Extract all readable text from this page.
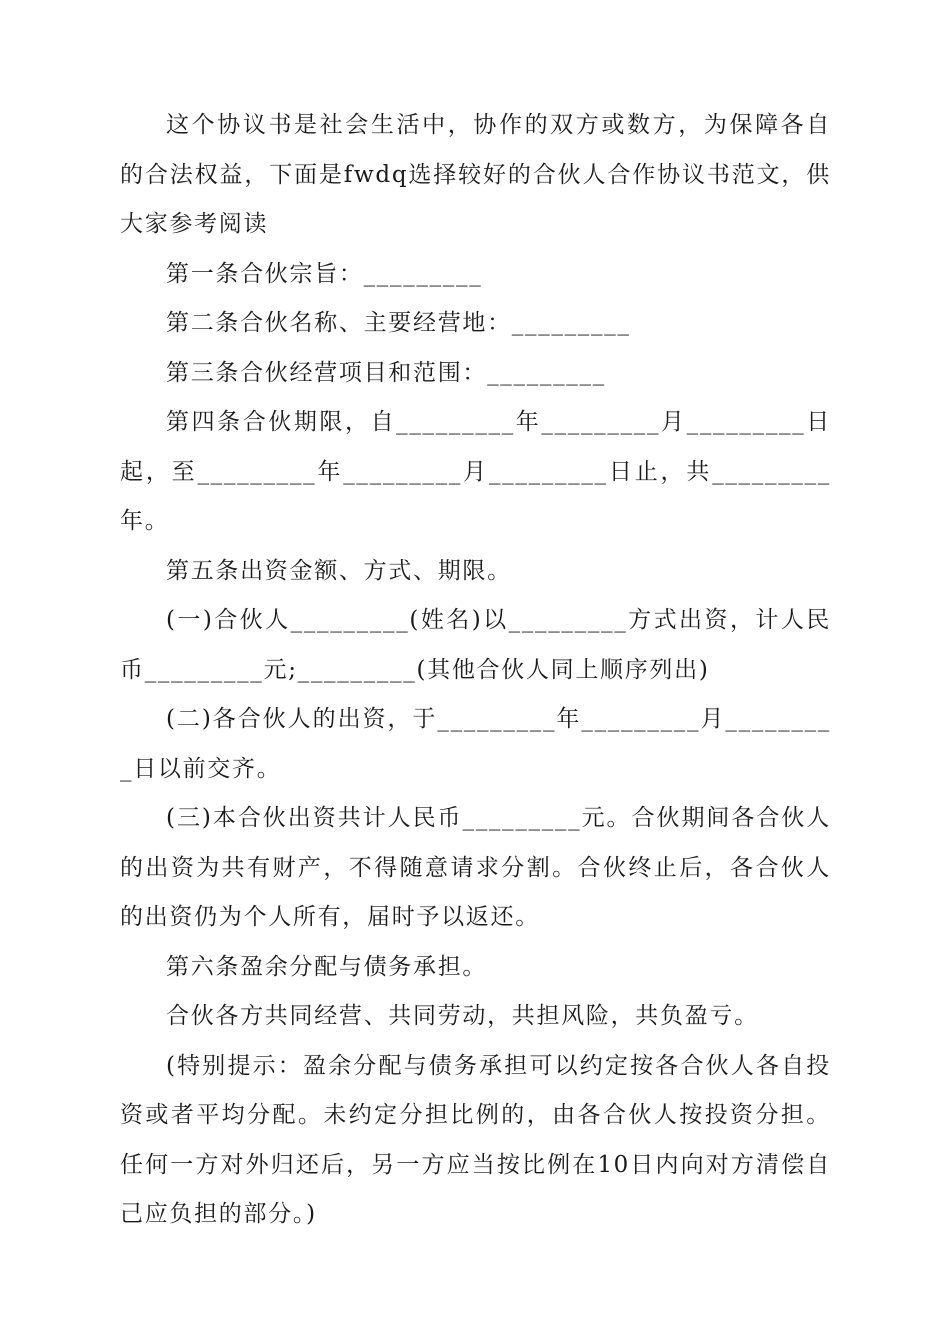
这个协议书是社会生活中，协作的双方或数方，为保障各自的合法权益，下面是fwdq选择较好的合伙人合作协议书范文，供大家参考阅读

第一条合伙宗旨：_________

第二条合伙名称、主要经营地：_________

第三条合伙经营项目和范围：_________

第四条合伙期限，自_________年_________月_________日起，至_________年_________月_________日止，共_________年。

第五条出资金额、方式、期限。

(一)合伙人_________(姓名)以_________方式出资，计人民币_________元;_________(其他合伙人同上顺序列出)

(二)各合伙人的出资，于_________年_________月_________日以前交齐。

(三)本合伙出资共计人民币_________元。合伙期间各合伙人的出资为共有财产，不得随意请求分割。合伙终止后，各合伙人的出资仍为个人所有，届时予以返还。

第六条盈余分配与债务承担。

合伙各方共同经营、共同劳动，共担风险，共负盈亏。

(特别提示：盈余分配与债务承担可以约定按各合伙人各自投资或者平均分配。未约定分担比例的，由各合伙人按投资分担。任何一方对外归还后，另一方应当按比例在10日内向对方清偿自己应负担的部分。)
